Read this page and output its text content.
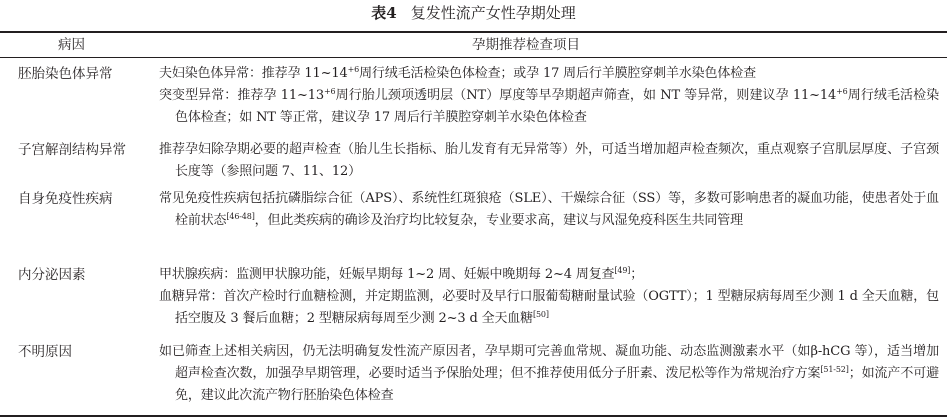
表4 复发性流产女性孕期处理
病因	孕期推荐检查项目
胚胎染色体异常	夫妇染色体异常：推荐孕 $11\sim 14^{+6}$周行绒毛活检染色体检查；或孕 17 周后行羊膜腔穿刺羊水染色体检查

突变型异常：推荐孕 $11\sim 13^{+6}$周行胎儿颈项透明层（NT）厚度等早孕期超声筛查，如 NT 等异常，则建议孕 $11\sim 14^{+6}$周行绒毛活检染色体检查；如 NT 等正常，建议孕 17 周后行羊膜腔穿刺羊水染色体检查

子宫解剖结构异常	推荐孕妇除孕期必要的超声检查（胎儿生长指标、胎儿发育有无异常等）外，可适当增加超声检查频次，重点观察子宫肌层厚度、子宫颈长度等（参照问题 7、11、12）

自身免疫性疾病	常见免疫性疾病包括抗磷脂综合征（APS）、系统性红斑狼疮（SLE）、干燥综合征（SS）等，多数可影响患者的凝血功能，使患者处于血栓前状态[46-48]，但此类疾病的确诊及治疗均比较复杂，专业要求高，建议与风湿免疫科医生共同管理

内分泌因素	甲状腺疾病：监测甲状腺功能，妊娠早期每 1~2 周、妊娠中晚期每 2~4 周复查[49]；

血糖异常：首次产检时行血糖检测，并定期监测，必要时及早行口服葡萄糖耐量试验（OGTT）；1 型糖尿病每周至少测 1 d 全天血糖，包括空腹及 3 餐后血糖；2 型糖尿病每周至少测 2~3 d 全天血糖[50]

不明原因	如已筛查上述相关病因，仍无法明确复发性流产原因者，孕早期可完善血常规、凝血功能、动态监测激素水平（如β-hCG 等），适当增加超声检查次数，加强孕早期管理，必要时适当予保胎处理；但不推荐使用低分子肝素、泼尼松等作为常规治疗方案[51-52]；如流产不可避免，建议此次流产物行胚胎染色体检查
